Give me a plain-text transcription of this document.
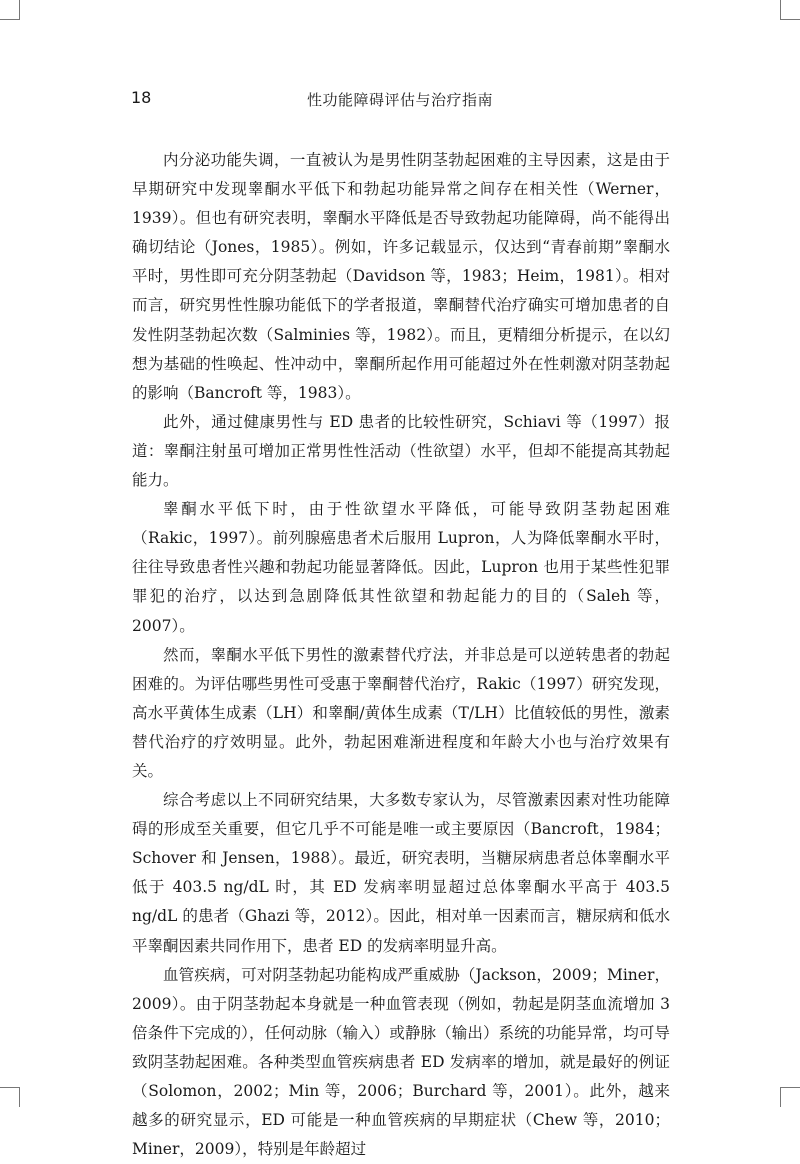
18	性功能障碍评估与治疗指南

内分泌功能失调，一直被认为是男性阴茎勃起困难的主导因素，这是由于早期研究中发现睾酮水平低下和勃起功能异常之间存在相关性（Werner，1939）。但也有研究表明，睾酮水平降低是否导致勃起功能障碍，尚不能得出确切结论（Jones，1985）。例如，许多记载显示，仅达到“青春前期”睾酮水平时，男性即可充分阴茎勃起（Davidson 等，1983；Heim，1981）。相对而言，研究男性性腺功能低下的学者报道，睾酮替代治疗确实可增加患者的自发性阴茎勃起次数（Salminies 等，1982）。而且，更精细分析提示，在以幻想为基础的性唤起、性冲动中，睾酮所起作用可能超过外在性刺激对阴茎勃起的影响（Bancroft 等，1983）。

此外，通过健康男性与 ED 患者的比较性研究，Schiavi 等（1997）报道：睾酮注射虽可增加正常男性性活动（性欲望）水平，但却不能提高其勃起能力。

睾酮水平低下时，由于性欲望水平降低，可能导致阴茎勃起困难（Rakic，1997）。前列腺癌患者术后服用 Lupron，人为降低睾酮水平时，往往导致患者性兴趣和勃起功能显著降低。因此，Lupron 也用于某些性犯罪罪犯的治疗，以达到急剧降低其性欲望和勃起能力的目的（Saleh 等，2007）。

然而，睾酮水平低下男性的激素替代疗法，并非总是可以逆转患者的勃起困难的。为评估哪些男性可受惠于睾酮替代治疗，Rakic（1997）研究发现，高水平黄体生成素（LH）和睾酮/黄体生成素（T/LH）比值较低的男性，激素替代治疗的疗效明显。此外，勃起困难渐进程度和年龄大小也与治疗效果有关。

综合考虑以上不同研究结果，大多数专家认为，尽管激素因素对性功能障碍的形成至关重要，但它几乎不可能是唯一或主要原因（Bancroft，1984；Schover 和 Jensen，1988）。最近，研究表明，当糖尿病患者总体睾酮水平低于 403.5 ng/dL 时，其 ED 发病率明显超过总体睾酮水平高于 403.5 ng/dL 的患者（Ghazi 等，2012）。因此，相对单一因素而言，糖尿病和低水平睾酮因素共同作用下，患者 ED 的发病率明显升高。

血管疾病，可对阴茎勃起功能构成严重威胁（Jackson，2009；Miner，2009）。由于阴茎勃起本身就是一种血管表现（例如，勃起是阴茎血流增加 3 倍条件下完成的），任何动脉（输入）或静脉（输出）系统的功能异常，均可导致阴茎勃起困难。各种类型血管疾病患者 ED 发病率的增加，就是最好的例证（Solomon，2002；Min 等，2006；Burchard 等，2001）。此外，越来越多的研究显示，ED 可能是一种血管疾病的早期症状（Chew 等，2010；Miner，2009），特别是年龄超过
